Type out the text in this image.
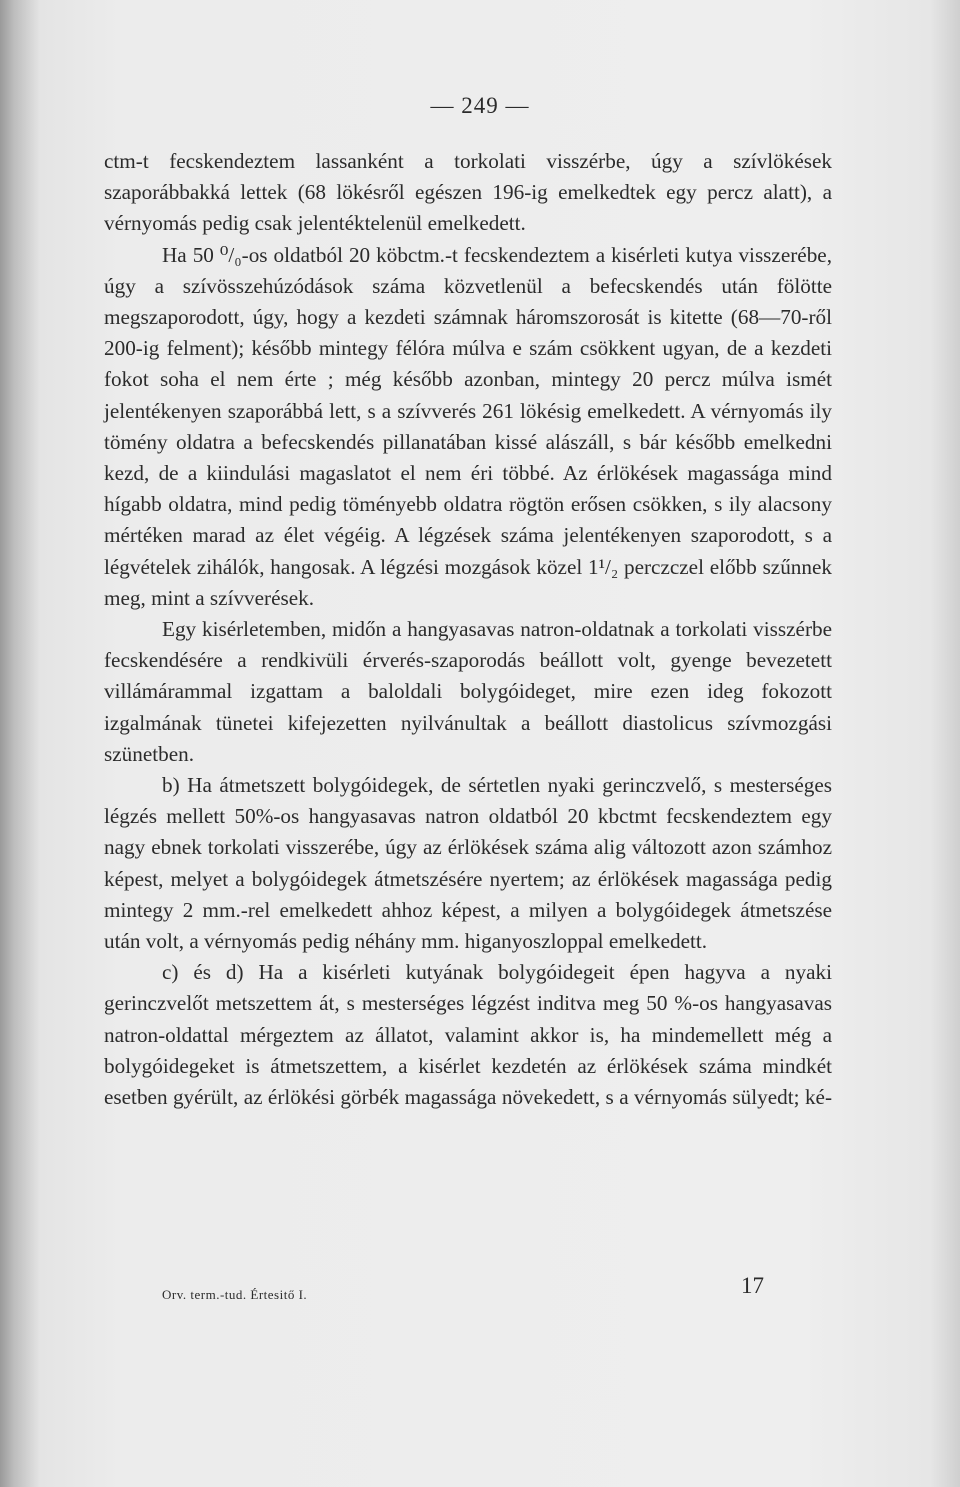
— 249 —

ctm-t fecskendeztem lassanként a torkolati visszérbe, úgy a szívlökések szaporábbakká lettek (68 lökésről egészen 196-ig emelkedtek egy percz alatt), a vérnyomás pedig csak jelentéktelenül emelkedett.

Ha 50 ⁰/₀-os oldatból 20 köbctm.-t fecskendeztem a kisérleti kutya visszerébe, úgy a szívösszehúzódások száma közvetlenül a befecskendés után fölötte megszaporodott, úgy, hogy a kezdeti számnak háromszorosát is kitette (68—70-ről 200-ig felment); később mintegy félóra múlva e szám csökkent ugyan, de a kezdeti fokot soha el nem érte ; még később azonban, mintegy 20 percz múlva ismét jelentékenyen szaporábbá lett, s a szívverés 261 lökésig emelkedett. A vérnyomás ily tömény oldatra a befecskendés pillanatában kissé alászáll, s bár később emelkedni kezd, de a kiindulási magaslatot el nem éri többé. Az érlökések magassága mind hígabb oldatra, mind pedig töményebb oldatra rögtön erősen csökken, s ily alacsony mértéken marad az élet végéig. A légzések száma jelentékenyen szaporodott, s a légvételek zihálók, hangosak. A légzési mozgások közel 1¹/₂ perczczel előbb szűnnek meg, mint a szívverések.

Egy kisérletemben, midőn a hangyasavas natron-oldatnak a torkolati visszérbe fecskendésére a rendkivüli érverés-szaporodás beállott volt, gyenge bevezetett villámárammal izgattam a baloldali bolygóideget, mire ezen ideg fokozott izgalmának tünetei kifejezetten nyilvánultak a beállott diastolicus szívmozgási szünetben.

b) Ha átmetszett bolygóidegek, de sértetlen nyaki gerinczvelő, s mesterséges légzés mellett 50%-os hangyasavas natron oldatból 20 kbctmt fecskendeztem egy nagy ebnek torkolati visszerébe, úgy az érlökések száma alig változott azon számhoz képest, melyet a bolygóidegek átmetszésére nyertem; az érlökések magassága pedig mintegy 2 mm.-rel emelkedett ahhoz képest, a milyen a bolygóidegek átmetszése után volt, a vérnyomás pedig néhány mm. higanyoszloppal emelkedett.

c) és d) Ha a kisérleti kutyának bolygóidegeit épen hagyva a nyaki gerinczvelőt metszettem át, s mesterséges légzést inditva meg 50 %-os hangyasavas natron-oldattal mérgeztem az állatot, valamint akkor is, ha mindemellett még a bolygóidegeket is átmetszettem, a kisérlet kezdetén az érlökések száma mindkét esetben gyérült, az érlökési görbék magassága növekedett, s a vérnyomás sülyedt; ké-

Orv. term.-tud. Értesitő I.	17
